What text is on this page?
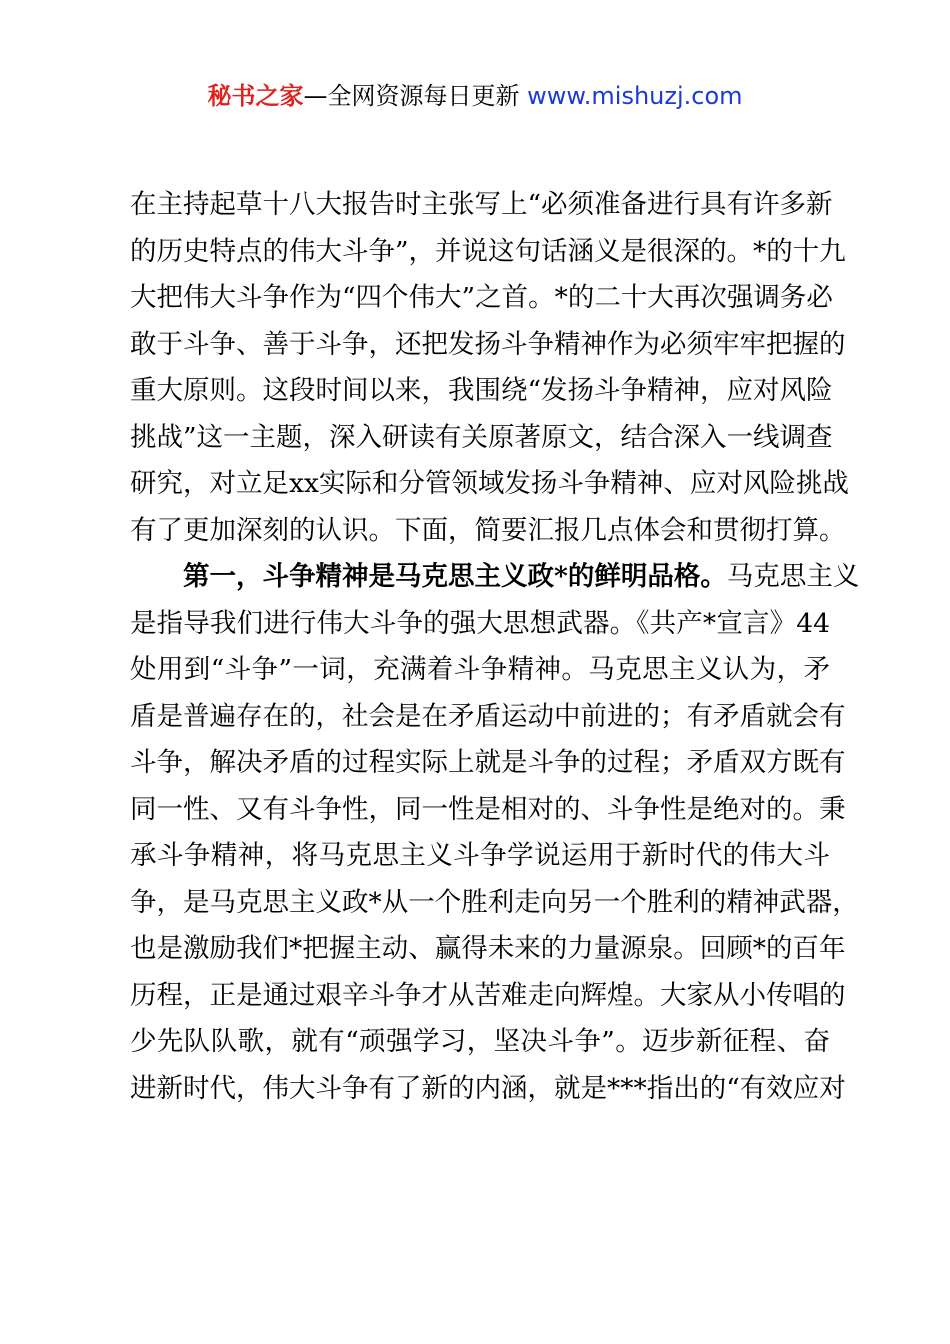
秘书之家—全网资源每日更新 www.mishuzj.com
在主持起草十八大报告时主张写上“必须准备进行具有许多新
的历史特点的伟大斗争”，并说这句话涵义是很深的。*的十九
大把伟大斗争作为“四个伟大”之首。*的二十大再次强调务必
敢于斗争、善于斗争，还把发扬斗争精神作为必须牢牢把握的
重大原则。这段时间以来，我围绕“发扬斗争精神，应对风险
挑战”这一主题，深入研读有关原著原文，结合深入一线调查
研究，对立足xx实际和分管领域发扬斗争精神、应对风险挑战
有了更加深刻的认识。下面，简要汇报几点体会和贯彻打算。
　　第一，斗争精神是马克思主义政*的鲜明品格。马克思主义
是指导我们进行伟大斗争的强大思想武器。《共产*宣言》44
处用到“斗争”一词，充满着斗争精神。马克思主义认为，矛
盾是普遍存在的，社会是在矛盾运动中前进的；有矛盾就会有
斗争，解决矛盾的过程实际上就是斗争的过程；矛盾双方既有
同一性、又有斗争性，同一性是相对的、斗争性是绝对的。秉
承斗争精神，将马克思主义斗争学说运用于新时代的伟大斗
争，是马克思主义政*从一个胜利走向另一个胜利的精神武器，
也是激励我们*把握主动、赢得未来的力量源泉。回顾*的百年
历程，正是通过艰辛斗争才从苦难走向辉煌。大家从小传唱的
少先队队歌，就有“顽强学习，坚决斗争”。迈步新征程、奋
进新时代，伟大斗争有了新的内涵，就是***指出的“有效应对
